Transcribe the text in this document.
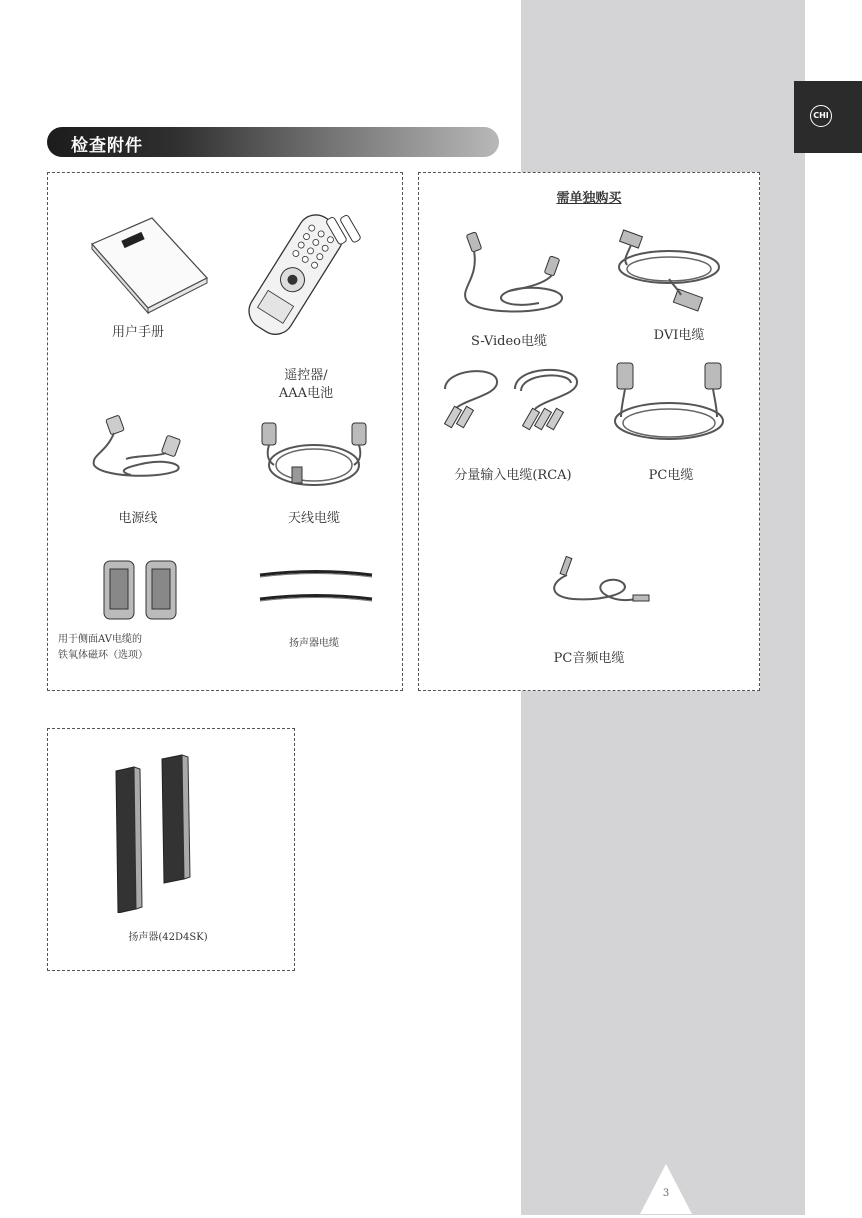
CHI
检查附件
用户手册
遥控器/
AAA电池
电源线	天线电缆
用于侧面AV电缆的
铁氧体磁环（选项）
扬声器电缆
需单独购买
S-Video电缆	DVI电缆
分量输入电缆(RCA)	PC电缆
PC音频电缆
扬声器(42D4SK)
3
